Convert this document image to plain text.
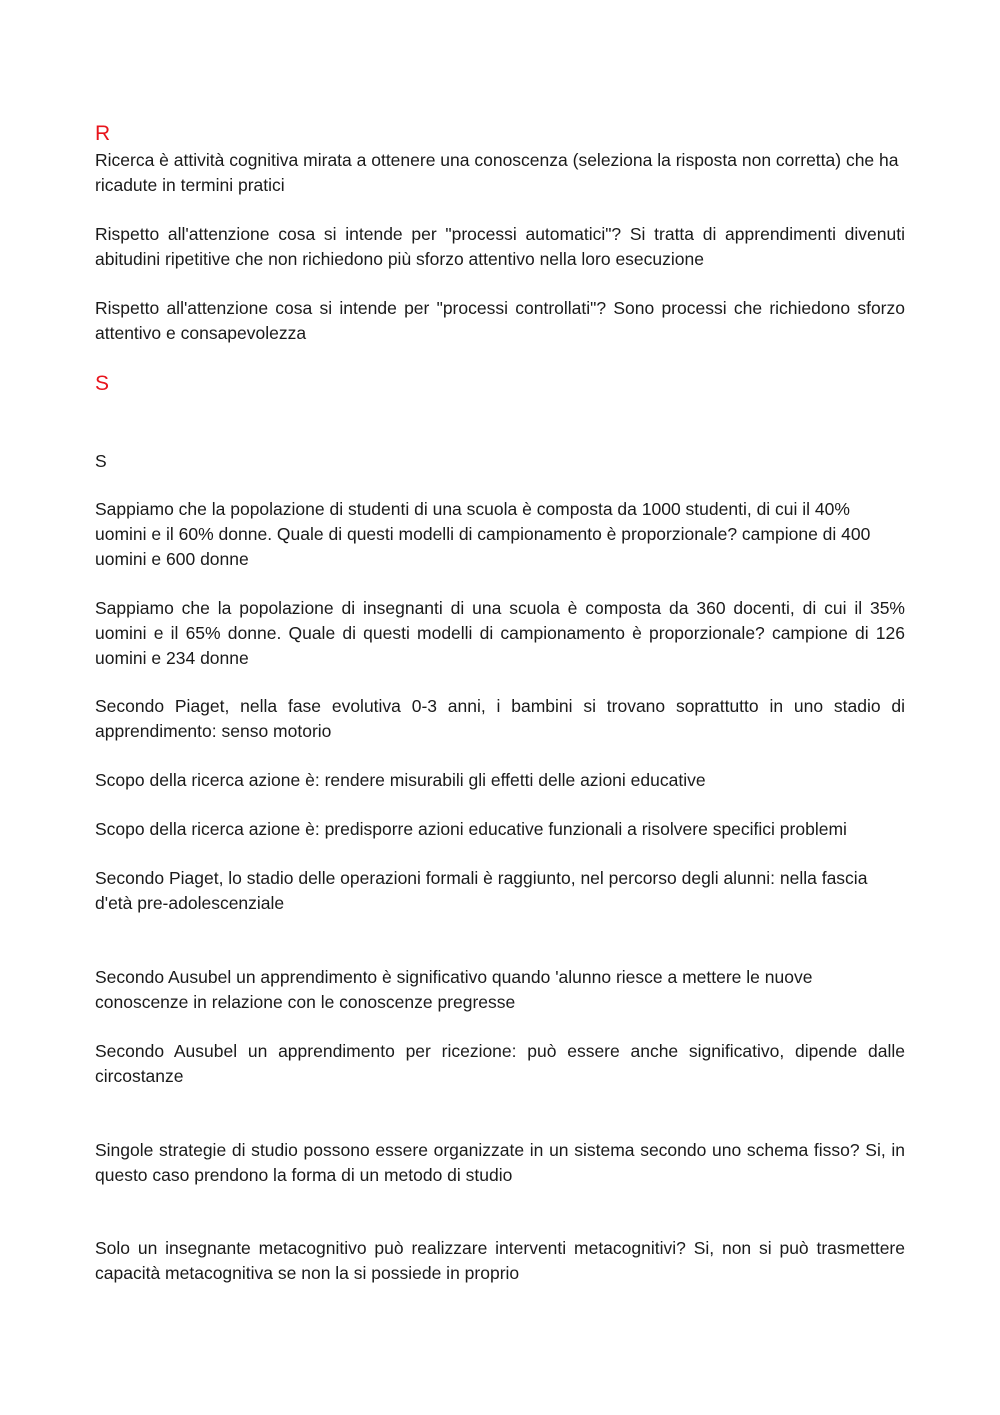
R

Ricerca è attività cognitiva mirata a ottenere una conoscenza (seleziona la risposta non corretta) che ha ricadute in termini pratici

Rispetto all'attenzione cosa si intende per "processi automatici"? Si tratta di apprendimenti divenuti abitudini ripetitive che non richiedono più sforzo attentivo nella loro esecuzione

Rispetto all'attenzione cosa si intende per "processi controllati"? Sono processi che richiedono sforzo attentivo e consapevolezza

S
S

Sappiamo che la popolazione di studenti di una scuola è composta da 1000 studenti, di cui il 40% uomini e il 60% donne. Quale di questi modelli di campionamento è proporzionale? campione di 400 uomini e 600 donne

Sappiamo che la popolazione di insegnanti di una scuola è composta da 360 docenti, di cui il 35% uomini e il 65% donne. Quale di questi modelli di campionamento è proporzionale? campione di 126 uomini e 234 donne

Secondo Piaget, nella fase evolutiva 0-3 anni, i bambini si trovano soprattutto in uno stadio di apprendimento: senso motorio

Scopo della ricerca azione è: rendere misurabili gli effetti delle azioni educative

Scopo della ricerca azione è: predisporre azioni educative funzionali a risolvere specifici problemi

Secondo Piaget, lo stadio delle operazioni formali è raggiunto, nel percorso degli alunni: nella fascia d'età pre-adolescenziale

Secondo Ausubel un apprendimento è significativo quando 'alunno riesce a mettere le nuove conoscenze in relazione con le conoscenze pregresse

Secondo Ausubel un apprendimento per ricezione: può essere anche significativo, dipende dalle circostanze

Singole strategie di studio possono essere organizzate in un sistema secondo uno schema fisso? Si, in questo caso prendono la forma di un metodo di studio

Solo un insegnante metacognitivo può realizzare interventi metacognitivi? Si, non si può trasmettere capacità metacognitiva se non la si possiede in proprio
